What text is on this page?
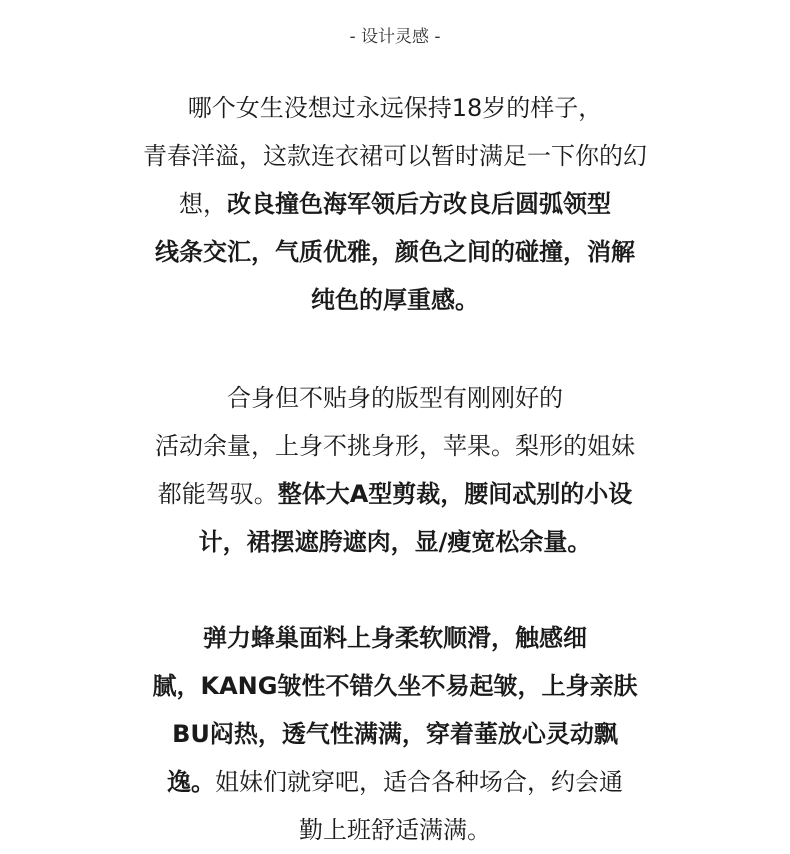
- 设计灵感 -
哪个女生没想过永远保持18岁的样子，
青春洋溢，这款连衣裙可以暂时满足一下你的幻
想，改良撞色海军领后方改良后圆弧领型
线条交汇，气质优雅，颜色之间的碰撞，消解
纯色的厚重感。
合身但不贴身的版型有刚刚好的
活动余量，上身不挑身形，苹果。梨形的姐妹
都能驾驭。整体大A型剪裁，腰间忒别的小设
计，裙摆遮胯遮肉，显/瘦宽松余量。
弹力蜂巢面料上身柔软顺滑，触感细
腻，KANG皱性不错久坐不易起皱，上身亲肤
BU闷热，透气性满满，穿着菙放心灵动飘
逸。姐妹们就穿吧，适合各种场合，约会通
勤上班舒适满满。
